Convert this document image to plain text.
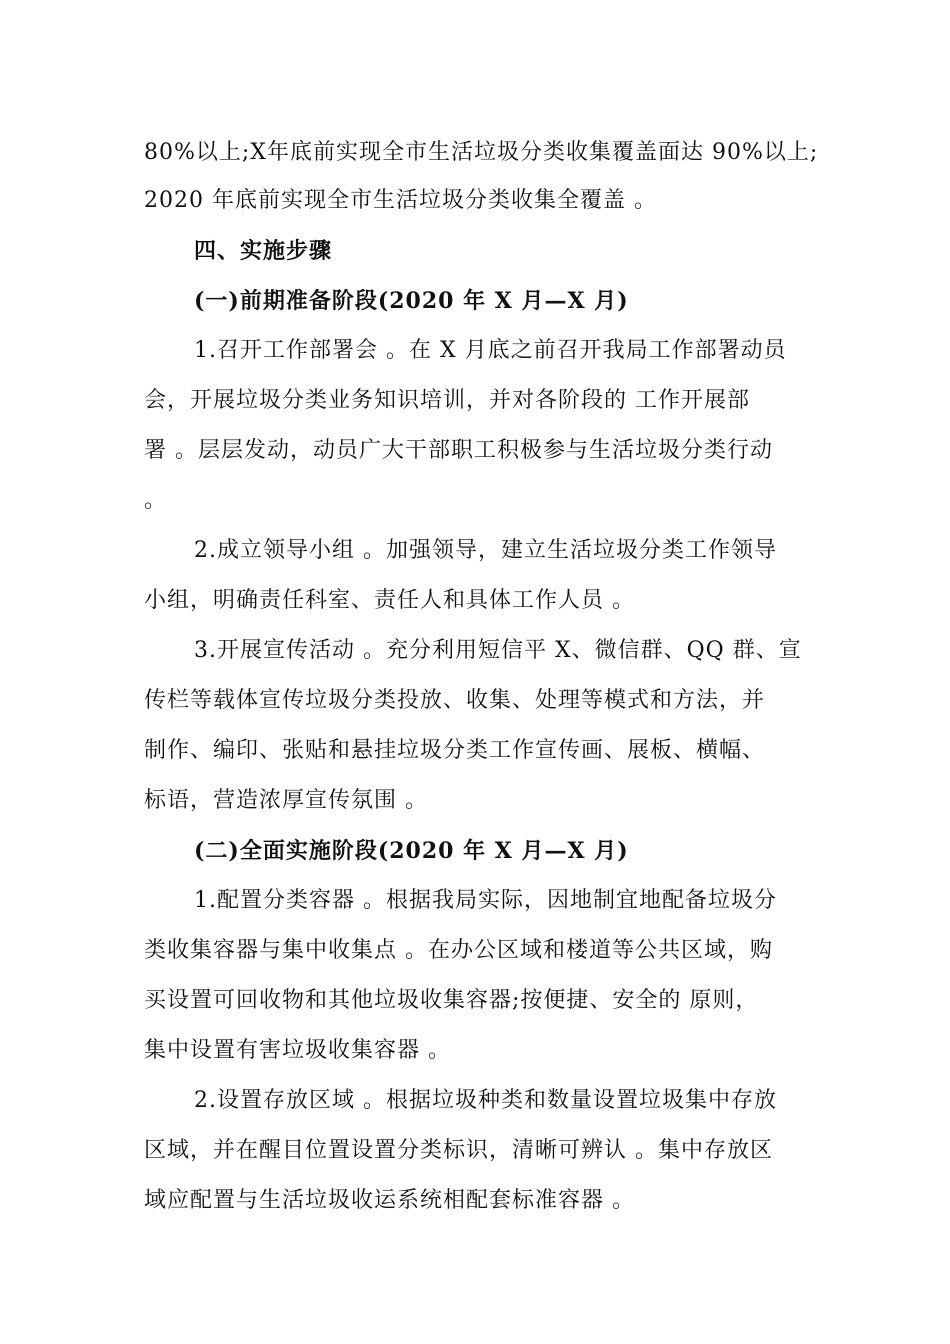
80%以上;X年底前实现全市生活垃圾分类收集覆盖面达 90%以上;
2020 年底前实现全市生活垃圾分类收集全覆盖 。
四、实施步骤
(一)前期准备阶段(2020 年 X 月—X 月)
1.召开工作部署会 。在 X 月底之前召开我局工作部署动员
会，开展垃圾分类业务知识培训，并对各阶段的 工作开展部
署 。层层发动，动员广大干部职工积极参与生活垃圾分类行动
。
2.成立领导小组 。加强领导，建立生活垃圾分类工作领导
小组，明确责任科室、责任人和具体工作人员 。
3.开展宣传活动 。充分利用短信平 X、微信群、QQ 群、宣
传栏等载体宣传垃圾分类投放、收集、处理等模式和方法，并
制作、编印、张贴和悬挂垃圾分类工作宣传画、展板、横幅、
标语，营造浓厚宣传氛围 。
(二)全面实施阶段(2020 年 X 月—X 月)
1.配置分类容器 。根据我局实际，因地制宜地配备垃圾分
类收集容器与集中收集点 。在办公区域和楼道等公共区域，购
买设置可回收物和其他垃圾收集容器;按便捷、安全的 原则，
集中设置有害垃圾收集容器 。
2.设置存放区域 。根据垃圾种类和数量设置垃圾集中存放
区域，并在醒目位置设置分类标识，清晰可辨认 。集中存放区
域应配置与生活垃圾收运系统相配套标准容器 。
